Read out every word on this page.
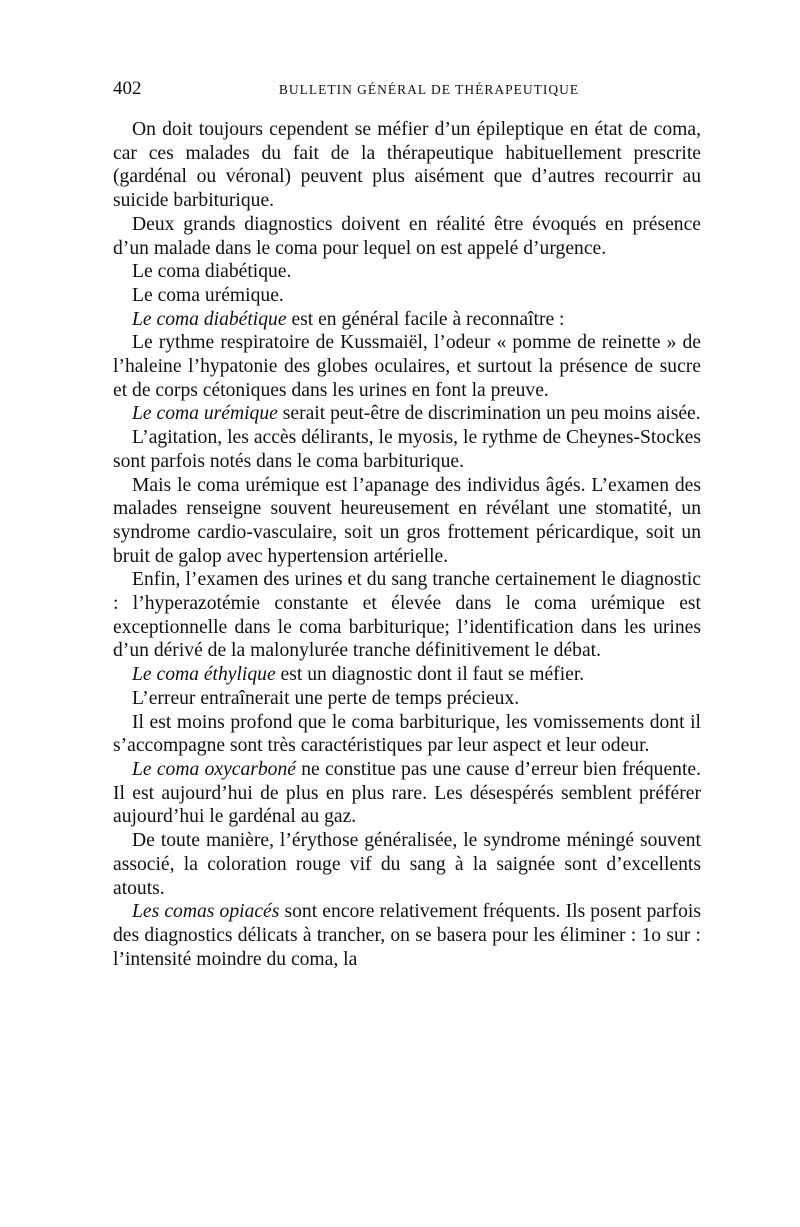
402	BULLETIN GÉNÉRAL DE THÉRAPEUTIQUE

On doit toujours cependent se méfier d’un épileptique en état de coma, car ces malades du fait de la thérapeutique habituellement prescrite (gardénal ou véronal) peuvent plus aisément que d’autres recourrir au suicide barbiturique.

Deux grands diagnostics doivent en réalité être évoqués en présence d’un malade dans le coma pour lequel on est appelé d’urgence.

Le coma diabétique.

Le coma urémique.

Le coma diabétique est en général facile à reconnaître :

Le rythme respiratoire de Kussmaiël, l’odeur « pomme de reinette » de l’haleine l’hypatonie des globes oculaires, et surtout la présence de sucre et de corps cétoniques dans les urines en font la preuve.

Le coma urémique serait peut-être de discrimination un peu moins aisée.

L’agitation, les accès délirants, le myosis, le rythme de Cheynes-Stockes sont parfois notés dans le coma barbiturique.

Mais le coma urémique est l’apanage des individus âgés. L’examen des malades renseigne souvent heureusement en révélant une stomatité, un syndrome cardio-vasculaire, soit un gros frottement péricardique, soit un bruit de galop avec hypertension artérielle.

Enfin, l’examen des urines et du sang tranche certainement le diagnostic : l’hyperazotémie constante et élevée dans le coma urémique est exceptionnelle dans le coma barbiturique; l’identification dans les urines d’un dérivé de la malonylurée tranche définitivement le débat.

Le coma éthylique est un diagnostic dont il faut se méfier.

L’erreur entraînerait une perte de temps précieux.

Il est moins profond que le coma barbiturique, les vomissements dont il s’accompagne sont très caractéristiques par leur aspect et leur odeur.

Le coma oxycarboné ne constitue pas une cause d’erreur bien fréquente. Il est aujourd’hui de plus en plus rare. Les désespérés semblent préférer aujourd’hui le gardénal au gaz.

De toute manière, l’érythose généralisée, le syndrome méningé souvent associé, la coloration rouge vif du sang à la saignée sont d’excellents atouts.

Les comas opiacés sont encore relativement fréquents. Ils posent parfois des diagnostics délicats à trancher, on se basera pour les éliminer : 1o sur : l’intensité moindre du coma, la
